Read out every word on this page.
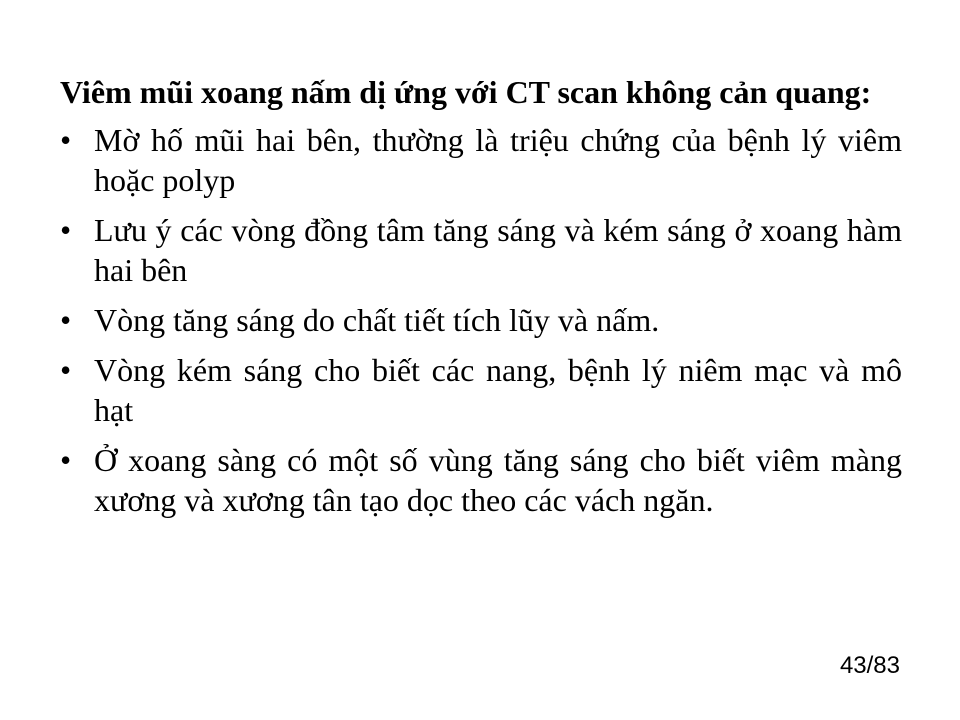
Viêm mũi xoang nấm dị ứng với CT scan không cản quang:

• Mờ hố mũi hai bên, thường là triệu chứng của bệnh lý viêm hoặc polyp
• Lưu ý các vòng đồng tâm tăng sáng và kém sáng ở xoang hàm hai bên
• Vòng tăng sáng do chất tiết tích lũy và nấm.
• Vòng kém sáng cho biết các nang, bệnh lý niêm mạc và mô hạt
• Ở xoang sàng có một số vùng tăng sáng cho biết viêm màng xương và xương tân tạo dọc theo các vách ngăn.
43/83
